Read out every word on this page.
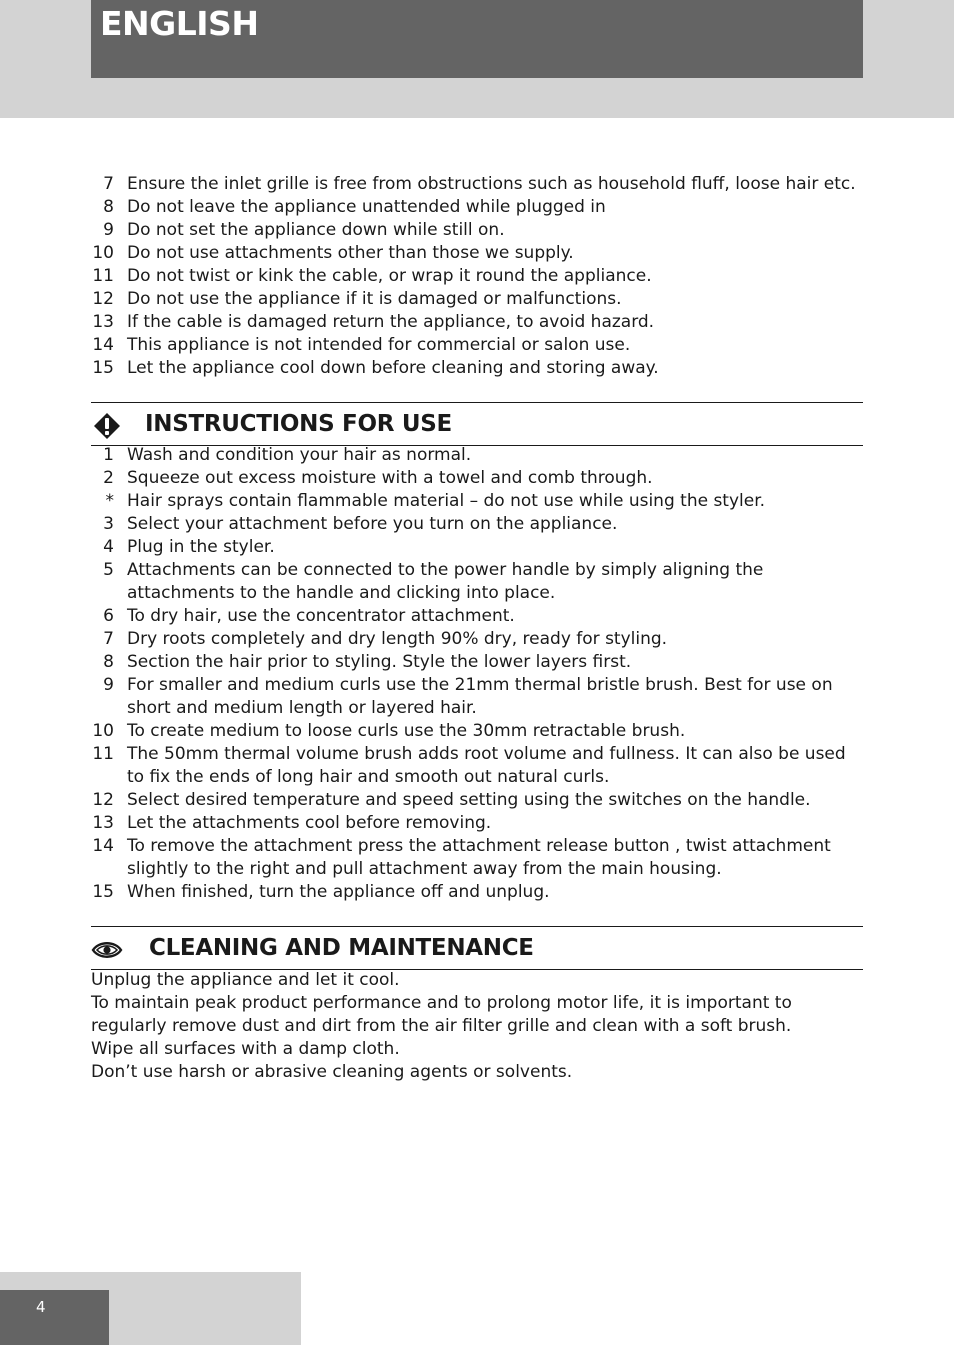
ENGLISH
7 Ensure the inlet grille is free from obstructions such as household fluff, loose hair etc.
8 Do not leave the appliance unattended while plugged in
9 Do not set the appliance down while still on.
10 Do not use attachments other than those we supply.
11 Do not twist or kink the cable, or wrap it round the appliance.
12 Do not use the appliance if it is damaged or malfunctions.
13 If the cable is damaged return the appliance, to avoid hazard.
14 This appliance is not intended for commercial or salon use.
15 Let the appliance cool down before cleaning and storing away.
INSTRUCTIONS FOR USE
1 Wash and condition your hair as normal.
2 Squeeze out excess moisture with a towel and comb through.
* Hair sprays contain flammable material – do not use while using the styler.
3 Select your attachment before you turn on the appliance.
4 Plug in the styler.
5 Attachments can be connected to the power handle by simply aligning the attachments to the handle and clicking into place.
6 To dry hair, use the concentrator attachment.
7 Dry roots completely and dry length 90% dry, ready for styling.
8 Section the hair prior to styling. Style the lower layers first.
9 For smaller and medium curls use the 21mm thermal bristle brush. Best for use on short and medium length or layered hair.
10 To create medium to loose curls use the 30mm retractable brush.
11 The 50mm thermal volume brush adds root volume and fullness. It can also be used to fix the ends of long hair and smooth out natural curls.
12 Select desired temperature and speed setting using the switches on the handle.
13 Let the attachments cool before removing.
14 To remove the attachment press the attachment release button , twist attachment slightly to the right and pull attachment away from the main housing.
15 When finished, turn the appliance off and unplug.
CLEANING AND MAINTENANCE

Unplug the appliance and let it cool.

To maintain peak product performance and to prolong motor life, it is important to regularly remove dust and dirt from the air filter grille and clean with a soft brush.

Wipe all surfaces with a damp cloth.

Don’t use harsh or abrasive cleaning agents or solvents.

4
